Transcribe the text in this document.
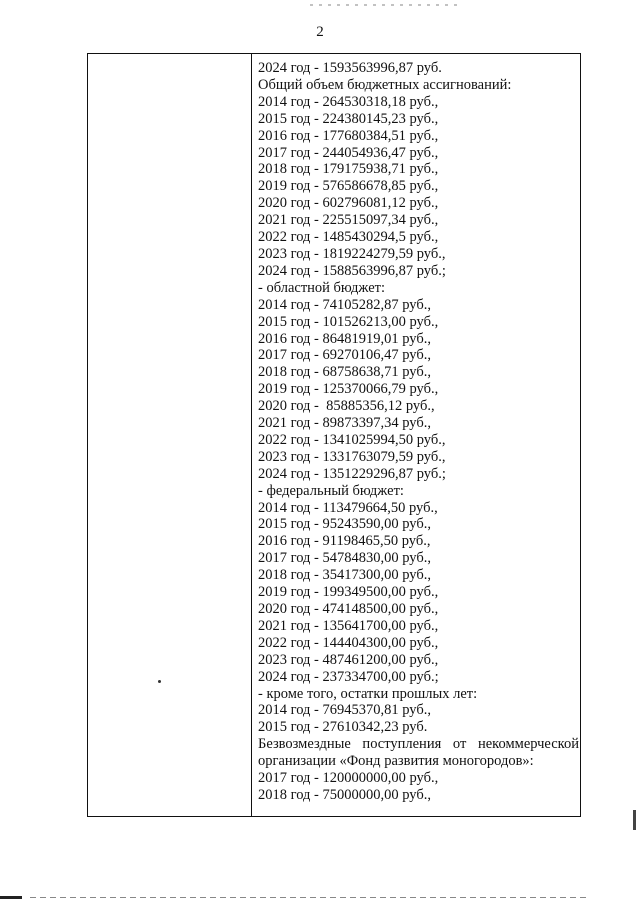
2
2024 год - 1593563996,87 руб.
Общий объем бюджетных ассигнований:
2014 год - 264530318,18 руб.,
2015 год - 224380145,23 руб.,
2016 год - 177680384,51 руб.,
2017 год - 244054936,47 руб.,
2018 год - 179175938,71 руб.,
2019 год - 576586678,85 руб.,
2020 год - 602796081,12 руб.,
2021 год - 225515097,34 руб.,
2022 год - 1485430294,5 руб.,
2023 год - 1819224279,59 руб.,
2024 год - 1588563996,87 руб.;
- областной бюджет:
2014 год - 74105282,87 руб.,
2015 год - 101526213,00 руб.,
2016 год - 86481919,01 руб.,
2017 год - 69270106,47 руб.,
2018 год - 68758638,71 руб.,
2019 год - 125370066,79 руб.,
2020 год -  85885356,12 руб.,
2021 год - 89873397,34 руб.,
2022 год - 1341025994,50 руб.,
2023 год - 1331763079,59 руб.,
2024 год - 1351229296,87 руб.;
- федеральный бюджет:
2014 год - 113479664,50 руб.,
2015 год - 95243590,00 руб.,
2016 год - 91198465,50 руб.,
2017 год - 54784830,00 руб.,
2018 год - 35417300,00 руб.,
2019 год - 199349500,00 руб.,
2020 год - 474148500,00 руб.,
2021 год - 135641700,00 руб.,
2022 год - 144404300,00 руб.,
2023 год - 487461200,00 руб.,
2024 год - 237334700,00 руб.;
- кроме того, остатки прошлых лет:
2014 год - 76945370,81 руб.,
2015 год - 27610342,23 руб.
Безвозмездные поступления от некоммерческой
организации «Фонд развития моногородов»:
2017 год - 120000000,00 руб.,
2018 год - 75000000,00 руб.,
